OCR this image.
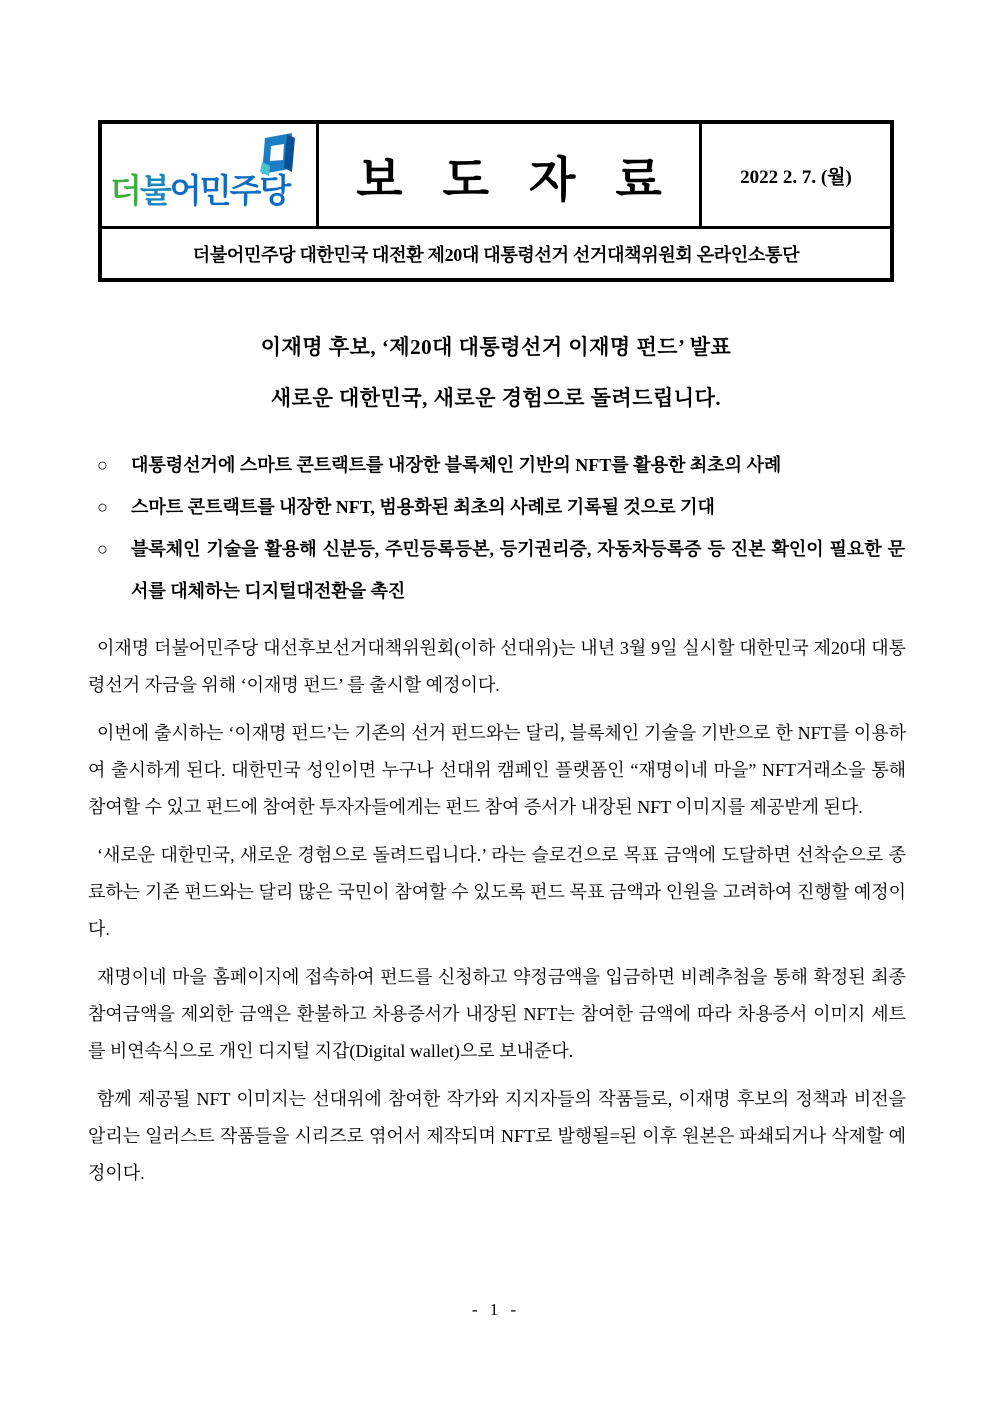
더불어민주당 보 도 자 료	2022 2. 7. (월)
더불어민주당 대한민국 대전환 제20대 대통령선거 선거대책위원회 온라인소통단
이재명 후보, ‘제20대 대통령선거 이재명 펀드’ 발표
새로운 대한민국, 새로운 경험으로 돌려드립니다.
○	대통령선거에 스마트 콘트랙트를 내장한 블록체인 기반의 NFT를 활용한 최초의 사례
○	스마트 콘트랙트를 내장한 NFT, 범용화된 최초의 사례로 기록될 것으로 기대
○	블록체인 기술을 활용해 신분등, 주민등록등본, 등기권리증, 자동차등록증 등 진본 확인이 필요한 문서를 대체하는 디지털대전환을 촉진

이재명 더불어민주당 대선후보선거대책위원회(이하 선대위)는 내년 3월 9일 실시할 대한민국 제20대 대통령선거 자금을 위해 ‘이재명 펀드’ 를 출시할 예정이다.

이번에 출시하는 ‘이재명 펀드’는 기존의 선거 펀드와는 달리, 블록체인 기술을 기반으로 한 NFT를 이용하여 출시하게 된다. 대한민국 성인이면 누구나 선대위 캠페인 플랫폼인 “재명이네 마을” NFT거래소을 통해 참여할 수 있고 펀드에 참여한 투자자들에게는 펀드 참여 증서가 내장된 NFT 이미지를 제공받게 된다.

‘새로운 대한민국, 새로운 경험으로 돌려드립니다.’ 라는 슬로건으로 목표 금액에 도달하면 선착순으로 종료하는 기존 펀드와는 달리 많은 국민이 참여할 수 있도록 펀드 목표 금액과 인원을 고려하여 진행할 예정이다.

재명이네 마을 홈페이지에 접속하여 펀드를 신청하고 약정금액을 입금하면 비례추첨을 통해 확정된 최종 참여금액을 제외한 금액은 환불하고 차용증서가 내장된 NFT는 참여한 금액에 따라 차용증서 이미지 세트를 비연속식으로 개인 디지털 지갑(Digital wallet)으로 보내준다.

함께 제공될 NFT 이미지는 선대위에 참여한 작가와 지지자들의 작품들로, 이재명 후보의 정책과 비전을 알리는 일러스트 작품들을 시리즈로 엮어서 제작되며 NFT로 발행될=된 이후 원본은 파쇄되거나 삭제할 예정이다.

- 1 -
